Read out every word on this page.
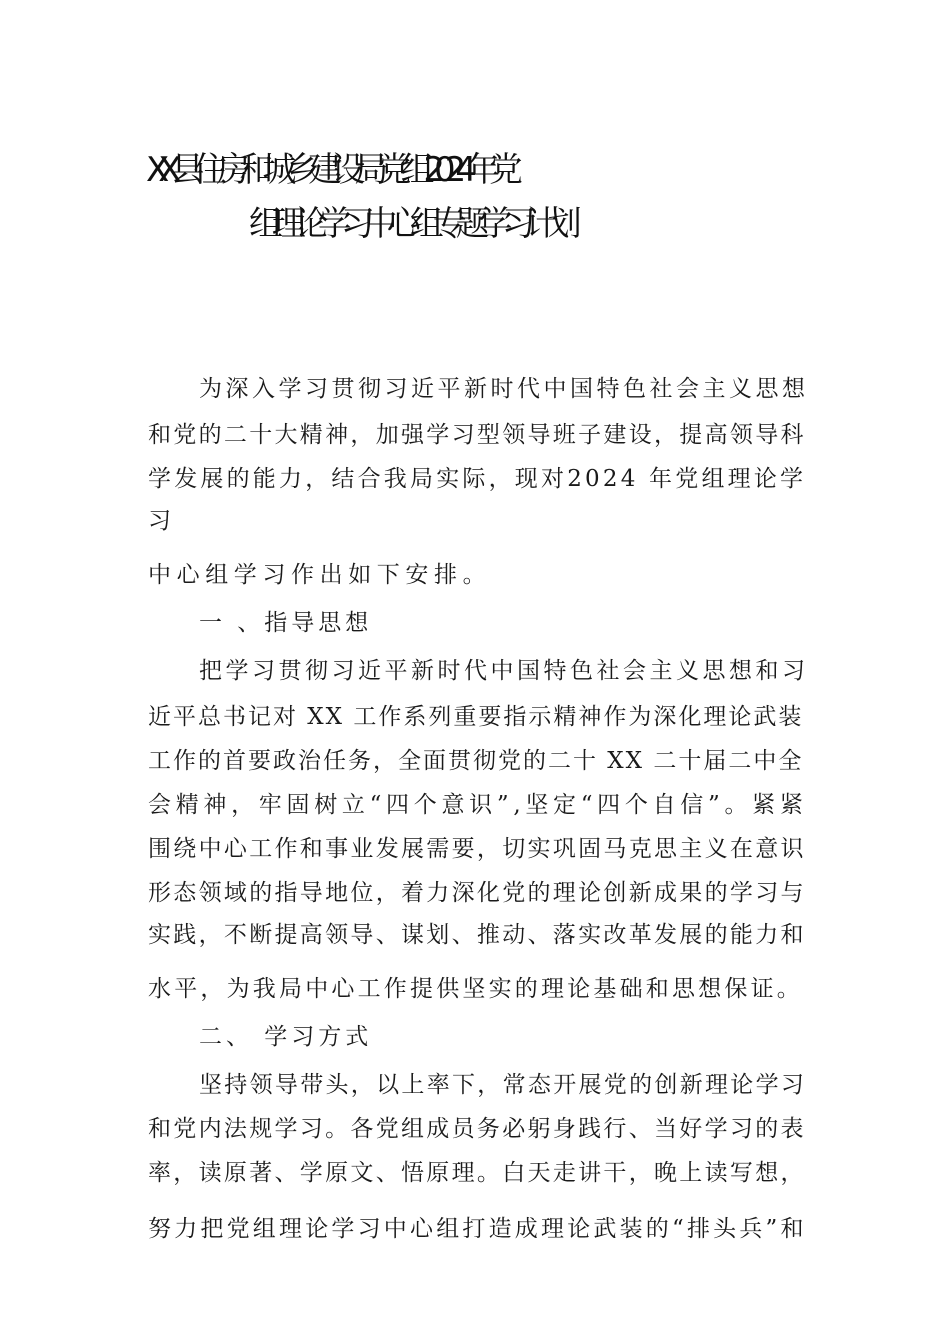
XX 县住房和城乡建设局党组2024年党
组 理论学习中心组专题学习计划
为深入学习贯彻习近平新时代中国特色社会主义思想
和党的二十大精神，加强学习型领导班子建设，提高领导科
学发展的能力，结合我局实际，现对2024 年党组理论学
习
中心组学习作出如下安排。
一 、指导思想
把学习贯彻习近平新时代中国特色社会主义思想和习
近平总书记对 XX 工作系列重要指示精神作为深化理论武装
工作的首要政治任务，全面贯彻党的二十 XX 二十届二中全
会精神，牢固树立“四个意识”,坚定“四个自信”。紧紧
围绕中心工作和事业发展需要，切实巩固马克思主义在意识
形态领域的指导地位，着力深化党的理论创新成果的学习与
实践，不断提高领导、谋划、推动、落实改革发展的能力和
水平，为我局中心工作提供坚实的理论基础和思想保证。
二、 学习方式
坚持领导带头，以上率下，常态开展党的创新理论学习
和党内法规学习。各党组成员务必躬身践行、当好学习的表
率，读原著、学原文、悟原理。白天走讲干，晚上读写想，
努力把党组理论学习中心组打造成理论武装的“排头兵”和
